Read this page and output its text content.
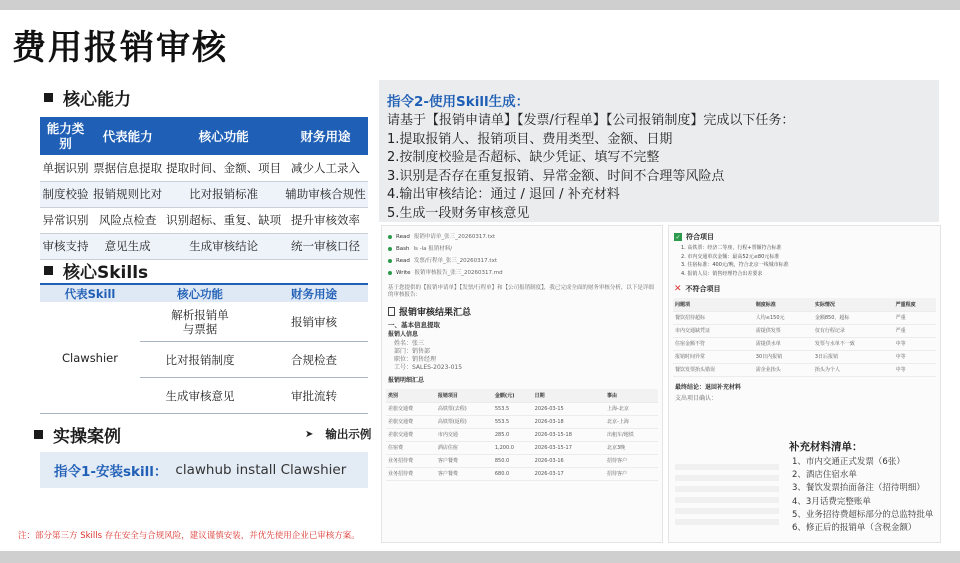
费用报销审核
核心能力
能力类别	代表能力	核心功能	财务用途
单据识别	票据信息提取	提取时间、金额、项目	减少人工录入
制度校验	报销规则比对	比对报销标准	辅助审核合规性
异常识别	风险点检查	识别超标、重复、缺项	提升审核效率
审核支持	意见生成	生成审核结论	统一审核口径
核心Skills
代表Skill	核心功能	财务用途
Clawshier
解析报销单
与票据	报销审核
比对报销制度	合规检查
生成审核意见	审批流转
实操案例	➤ 输出示例
指令1-安装skill： clawhub install Clawshier
注：部分第三方 Skills 存在安全与合规风险，建议谨慎安装，并优先使用企业已审核方案。
指令2-使用Skill生成：
请基于【报销申请单】【发票/行程单】【公司报销制度】完成以下任务：
1.提取报销人、报销项目、费用类型、金额、日期
2.按制度校验是否超标、缺少凭证、填写不完整
3.识别是否存在重复报销、异常金额、时间不合理等风险点
4.输出审核结论：通过 / 退回 / 补充材料
5.生成一段财务审核意见
Read 报销申请单_张三_20260317.txt
Bash ls -la 报销材料/
Read 发票/行程单_张三_20260317.txt
Write 报销审核报告_张三_20260317.md
基于您提供的【报销申请单】【发票/行程单】和【公司报销制度】，我已完成全面的财务审核分析，以下是详细的审核报告：
报销审核结果汇总
一、基本信息提取
报销人信息
姓名：张三
部门：销售部
职位：销售经理
工号：SALES-2023-015
报销明细汇总
类别	报销项目	金额(元)	日期	事由
差旅交通费	高铁票(去程)	553.5	2026-03-15	上海-北京
差旅交通费	高铁票(返程)	553.5	2026-03-18	北京-上海
差旅交通费	市内交通	285.0	2026-03-15-18	出租车/地铁
住宿费	酒店住宿	1,200.0	2026-03-15-17	北京3晚
业务招待费	客户餐费	850.0	2026-03-16	招待客户
业务招待费	客户餐费	680.0	2026-03-17	招待客户
✓ 符合项目
1. 高铁票：经济二等座，行程+票额符合标准
2. 市内交通单次金额：最高52元≤80元标准
3. 住宿标准：400元/晚，符合北京一线城市标准
4. 报销人员：销售经理符合出差要求
✕ 不符合项目
问题项	制度标准	实际情况	严重程度
餐饮招待超标	人均≤150元	金额850，超标	严重
市内交通缺凭证	需提供发票	仅有行程记录	严重
住宿金额不符	需提供水单	发票与水单不一致	中等
报销时间异常	30日内报销	3日后报销	中等
餐饮发票抬头错误	需企业抬头	抬头为个人	中等
最终结论：退回补充材料
支出项目确认：
补充材料清单：
1、市内交通正式发票（6张）
2、酒店住宿水单
3、餐饮发票抬面备注（招待明细）
4、3月话费完整账单
5、业务招待费超标部分的总监特批单
6、修正后的报销单（含税金额）
